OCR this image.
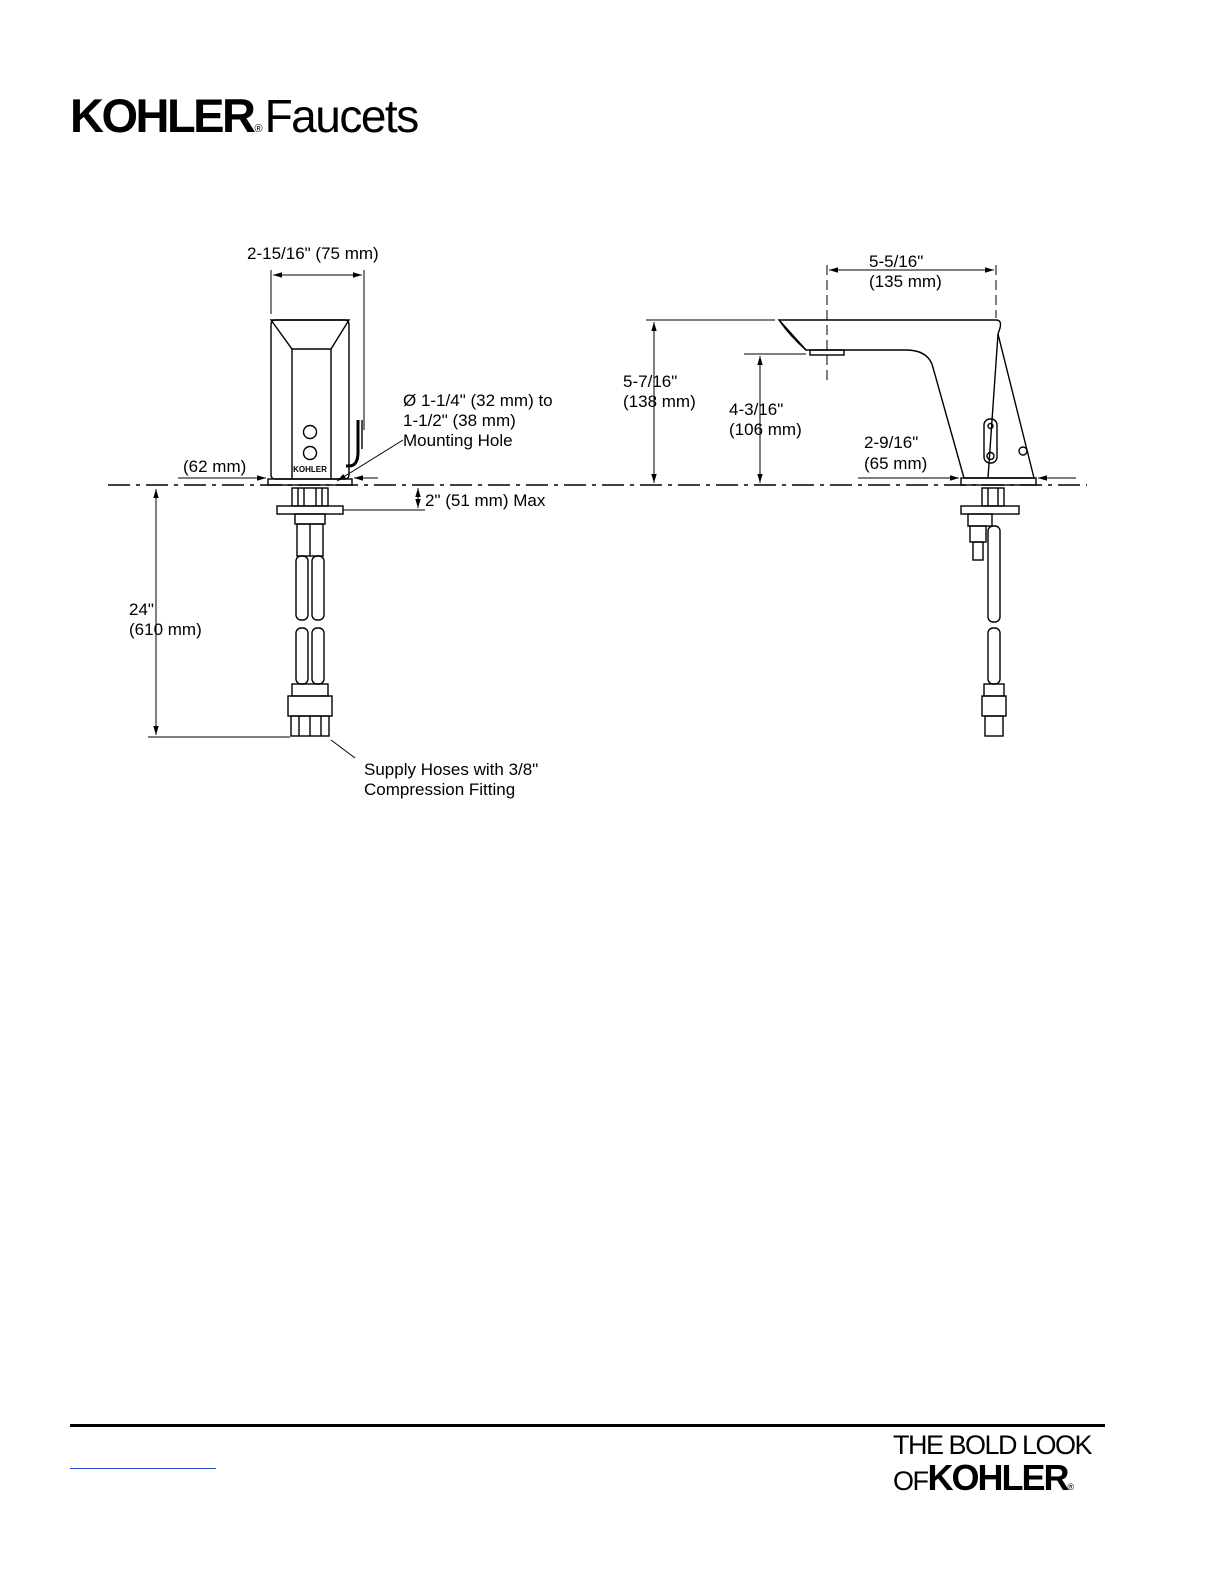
KOHLER®Faucets
KOHLER
2-15/16" (75 mm)
Ø 1-1/4" (32 mm) to
1-1/2" (38 mm)
Mounting Hole
(62 mm)
2" (51 mm) Max
24"
(610 mm)
Supply Hoses with 3/8"
Compression Fitting
5-5/16"
(135 mm)
5-7/16"
(138 mm) 4-3/16"
(106 mm)
2-9/16"
(65 mm)
THE BOLD LOOK
OFKOHLER®
